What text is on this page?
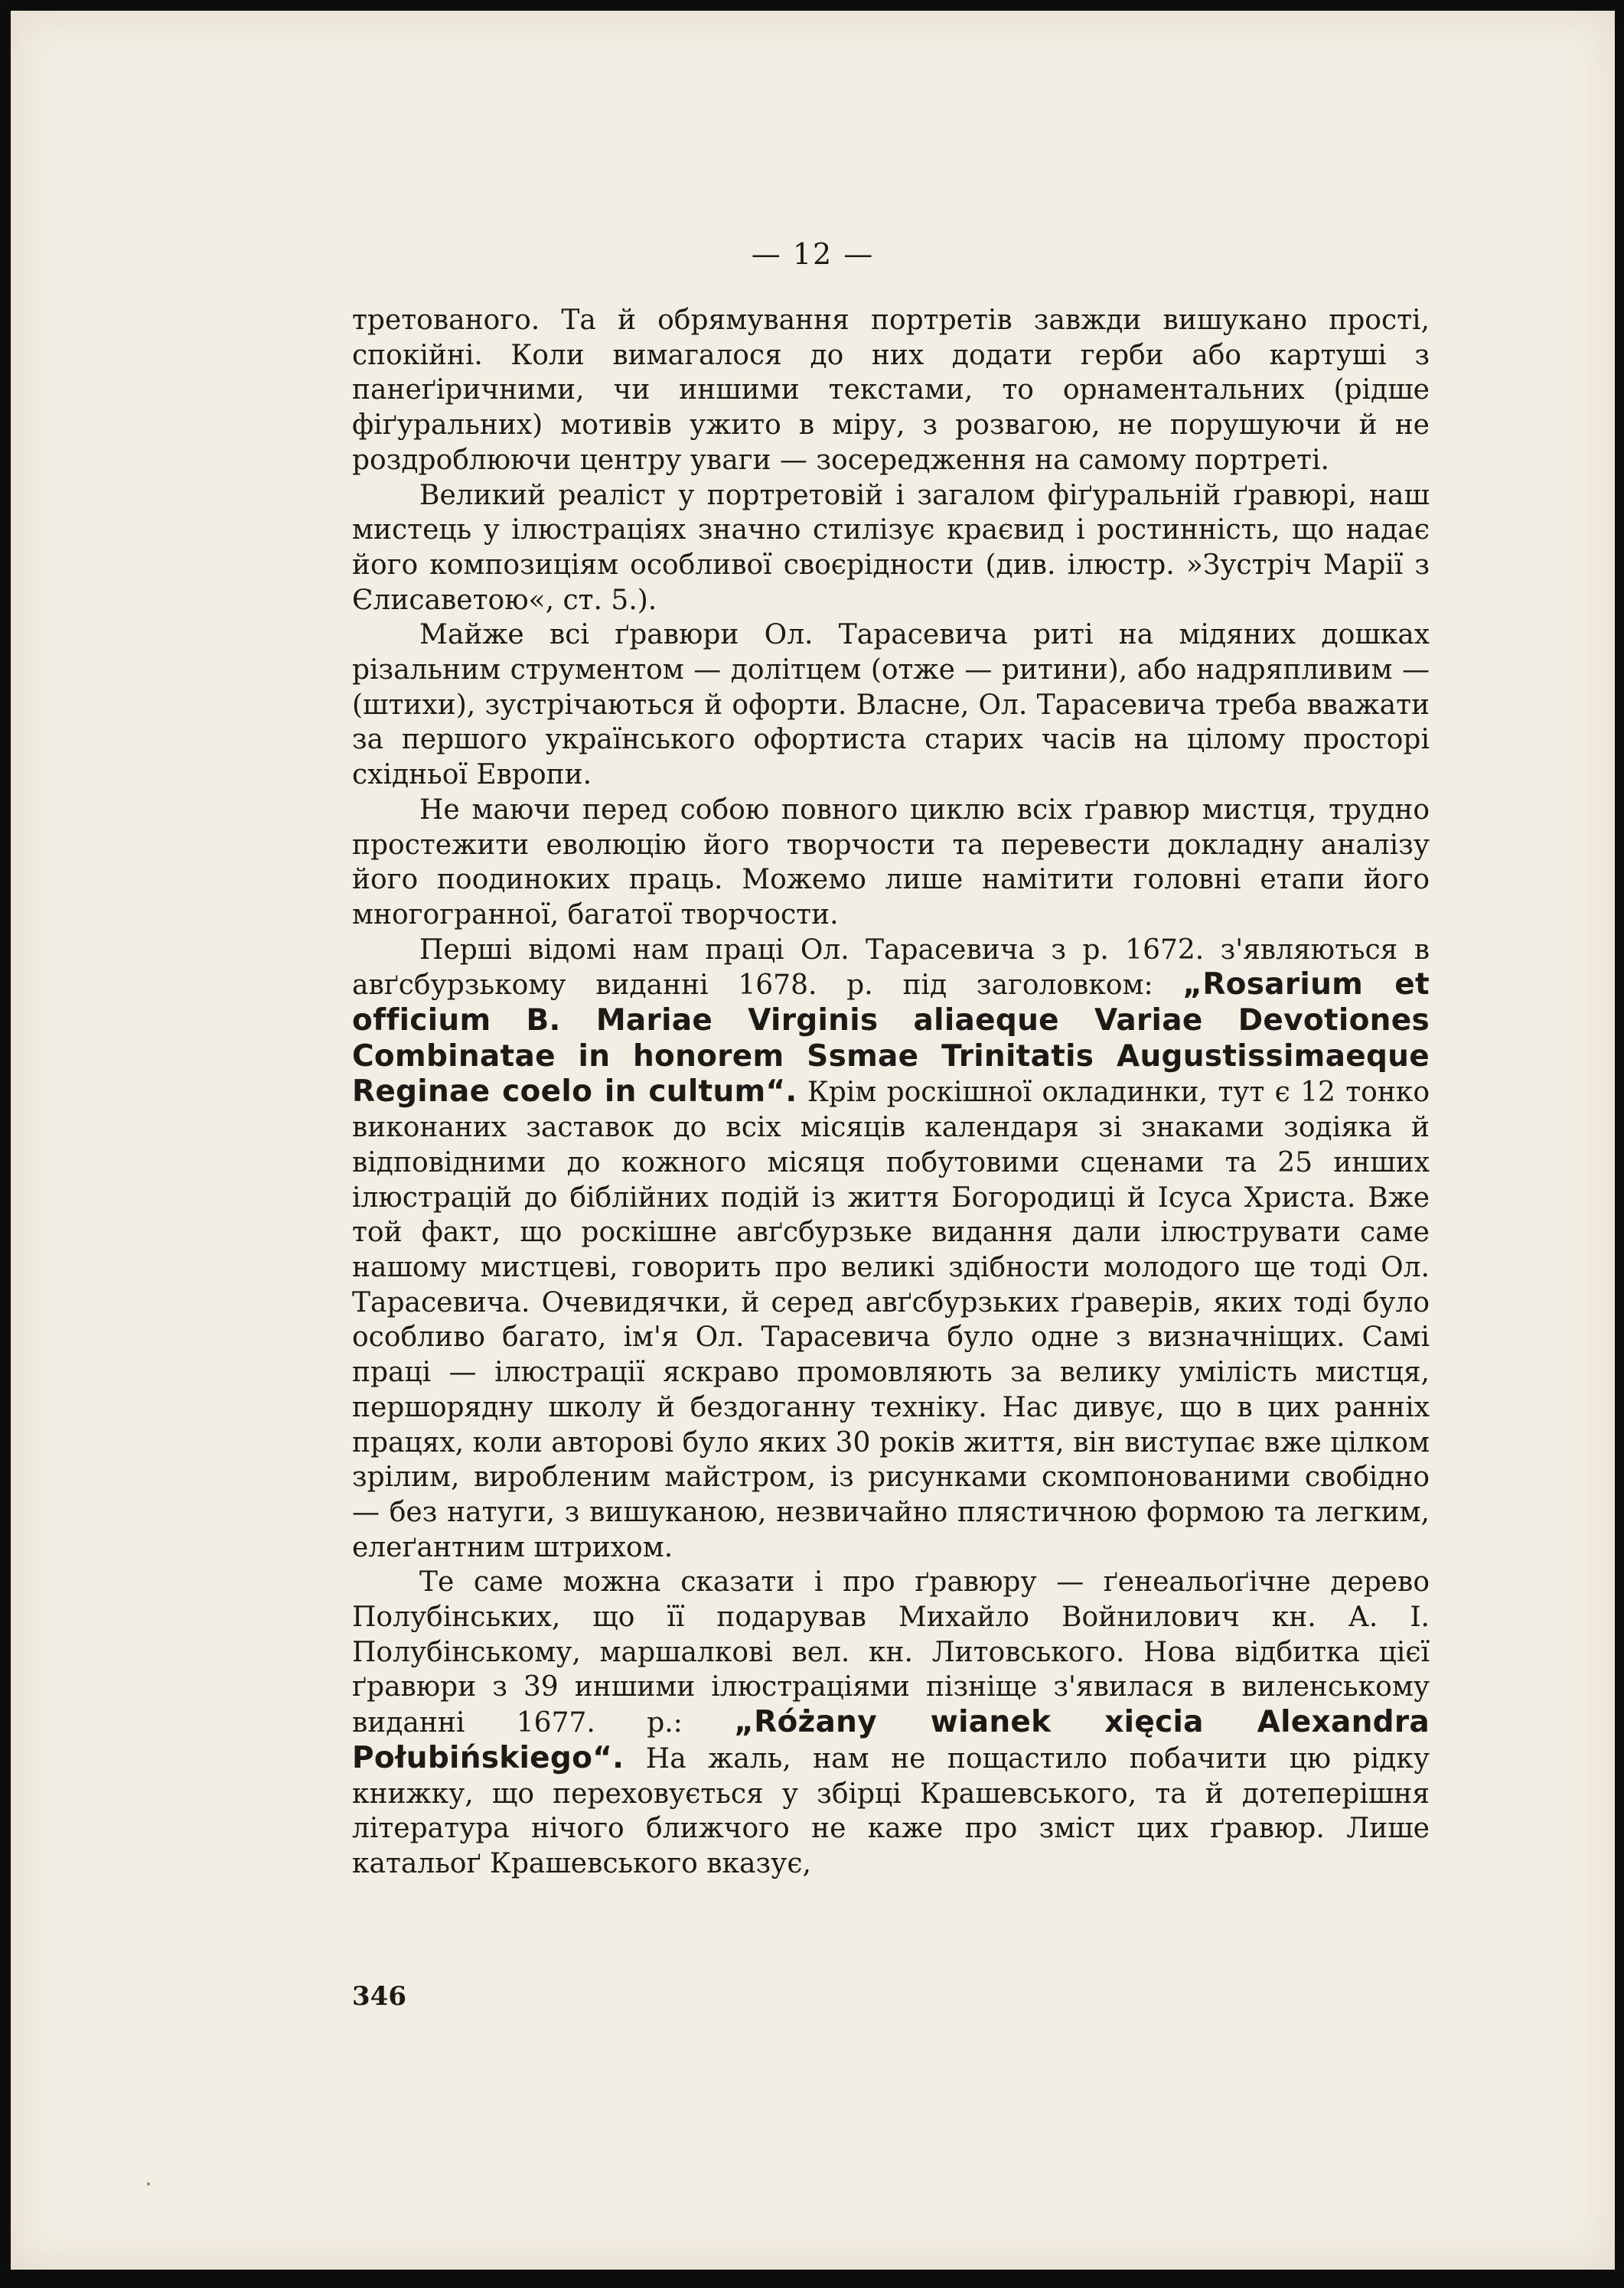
— 12 —

третованого. Та й обрямування портретів завжди вишукано прості, спокійні. Коли вимагалося до них додати герби або картуші з панеґіричними, чи иншими текстами, то орнаментальних (рідше фіґуральних) мотивів ужито в міру, з розвагою, не порушуючи й не роздроблюючи центру уваги — зосередження на самому портреті.

Великий реаліст у портретовій і загалом фіґуральній ґравюрі, наш мистець у ілюстраціях значно стилізує краєвид і ростинність, що надає його композиціям особливої своєрідности (див. ілюстр. »Зустріч Марії з Єлисаветою«, ст. 5.).

Майже всі ґравюри Ол. Тарасевича риті на мідяних дошках різальним струментом — долітцем (отже — ритини), або надряпливим — (штихи), зустрічаються й офорти. Власне, Ол. Тарасевича треба вважати за першого українського офортиста старих часів на цілому просторі східньої Европи.

Не маючи перед собою повного циклю всіх ґравюр мистця, трудно простежити еволюцію його творчости та перевести докладну аналізу його поодиноких праць. Можемо лише намітити головні етапи його многогранної, багатої творчости.

Перші відомі нам праці Ол. Тарасевича з р. 1672. з'являються в авґсбурзькому виданні 1678. р. під заголовком: „Rosarium et officium B. Mariae Virginis aliaeque Variae Devotiones Combinatae in honorem Ssmae Trinitatis Augustissimaeque Reginae coelo in cultum“. Крім роскішної окладинки, тут є 12 тонко виконаних заставок до всіх місяців календаря зі знаками зодіяка й відповідними до кожного місяця побутовими сценами та 25 инших ілюстрацій до біблійних подій із життя Богородиці й Ісуса Христа. Вже той факт, що роскішне авґсбурзьке видання дали ілюструвати саме нашому мистцеві, говорить про великі здібности молодого ще тоді Ол. Тарасевича. Очевидячки, й серед авґсбурзьких ґраверів, яких тоді було особливо багато, ім'я Ол. Тарасевича було одне з визначніщих. Самі праці — ілюстрації яскраво промовляють за велику умілість мистця, першорядну школу й бездоганну техніку. Нас дивує, що в цих ранніх працях, коли авторові було яких 30 років життя, він виступає вже цілком зрілим, виробленим майстром, із рисунками скомпонованими свобідно — без натуги, з вишуканою, незвичайно плястичною формою та легким, елеґантним штрихом.

Те саме можна сказати і про ґравюру — ґенеальоґічне дерево Полубінських, що її подарував Михайло Войнилович кн. А. І. Полубінському, маршалкові вел. кн. Литовського. Нова відбитка цієї ґравюри з 39 иншими ілюстраціями пізніще з'явилася в виленському виданні 1677. р.: „Różany wianek xięcia Alexandra Połubińskiego“. На жаль, нам не пощастило побачити цю рідку книжку, що переховується у збірці Крашевського, та й дотеперішня література нічого ближчого не каже про зміст цих ґравюр. Лише катальоґ Крашевського вказує,

346
